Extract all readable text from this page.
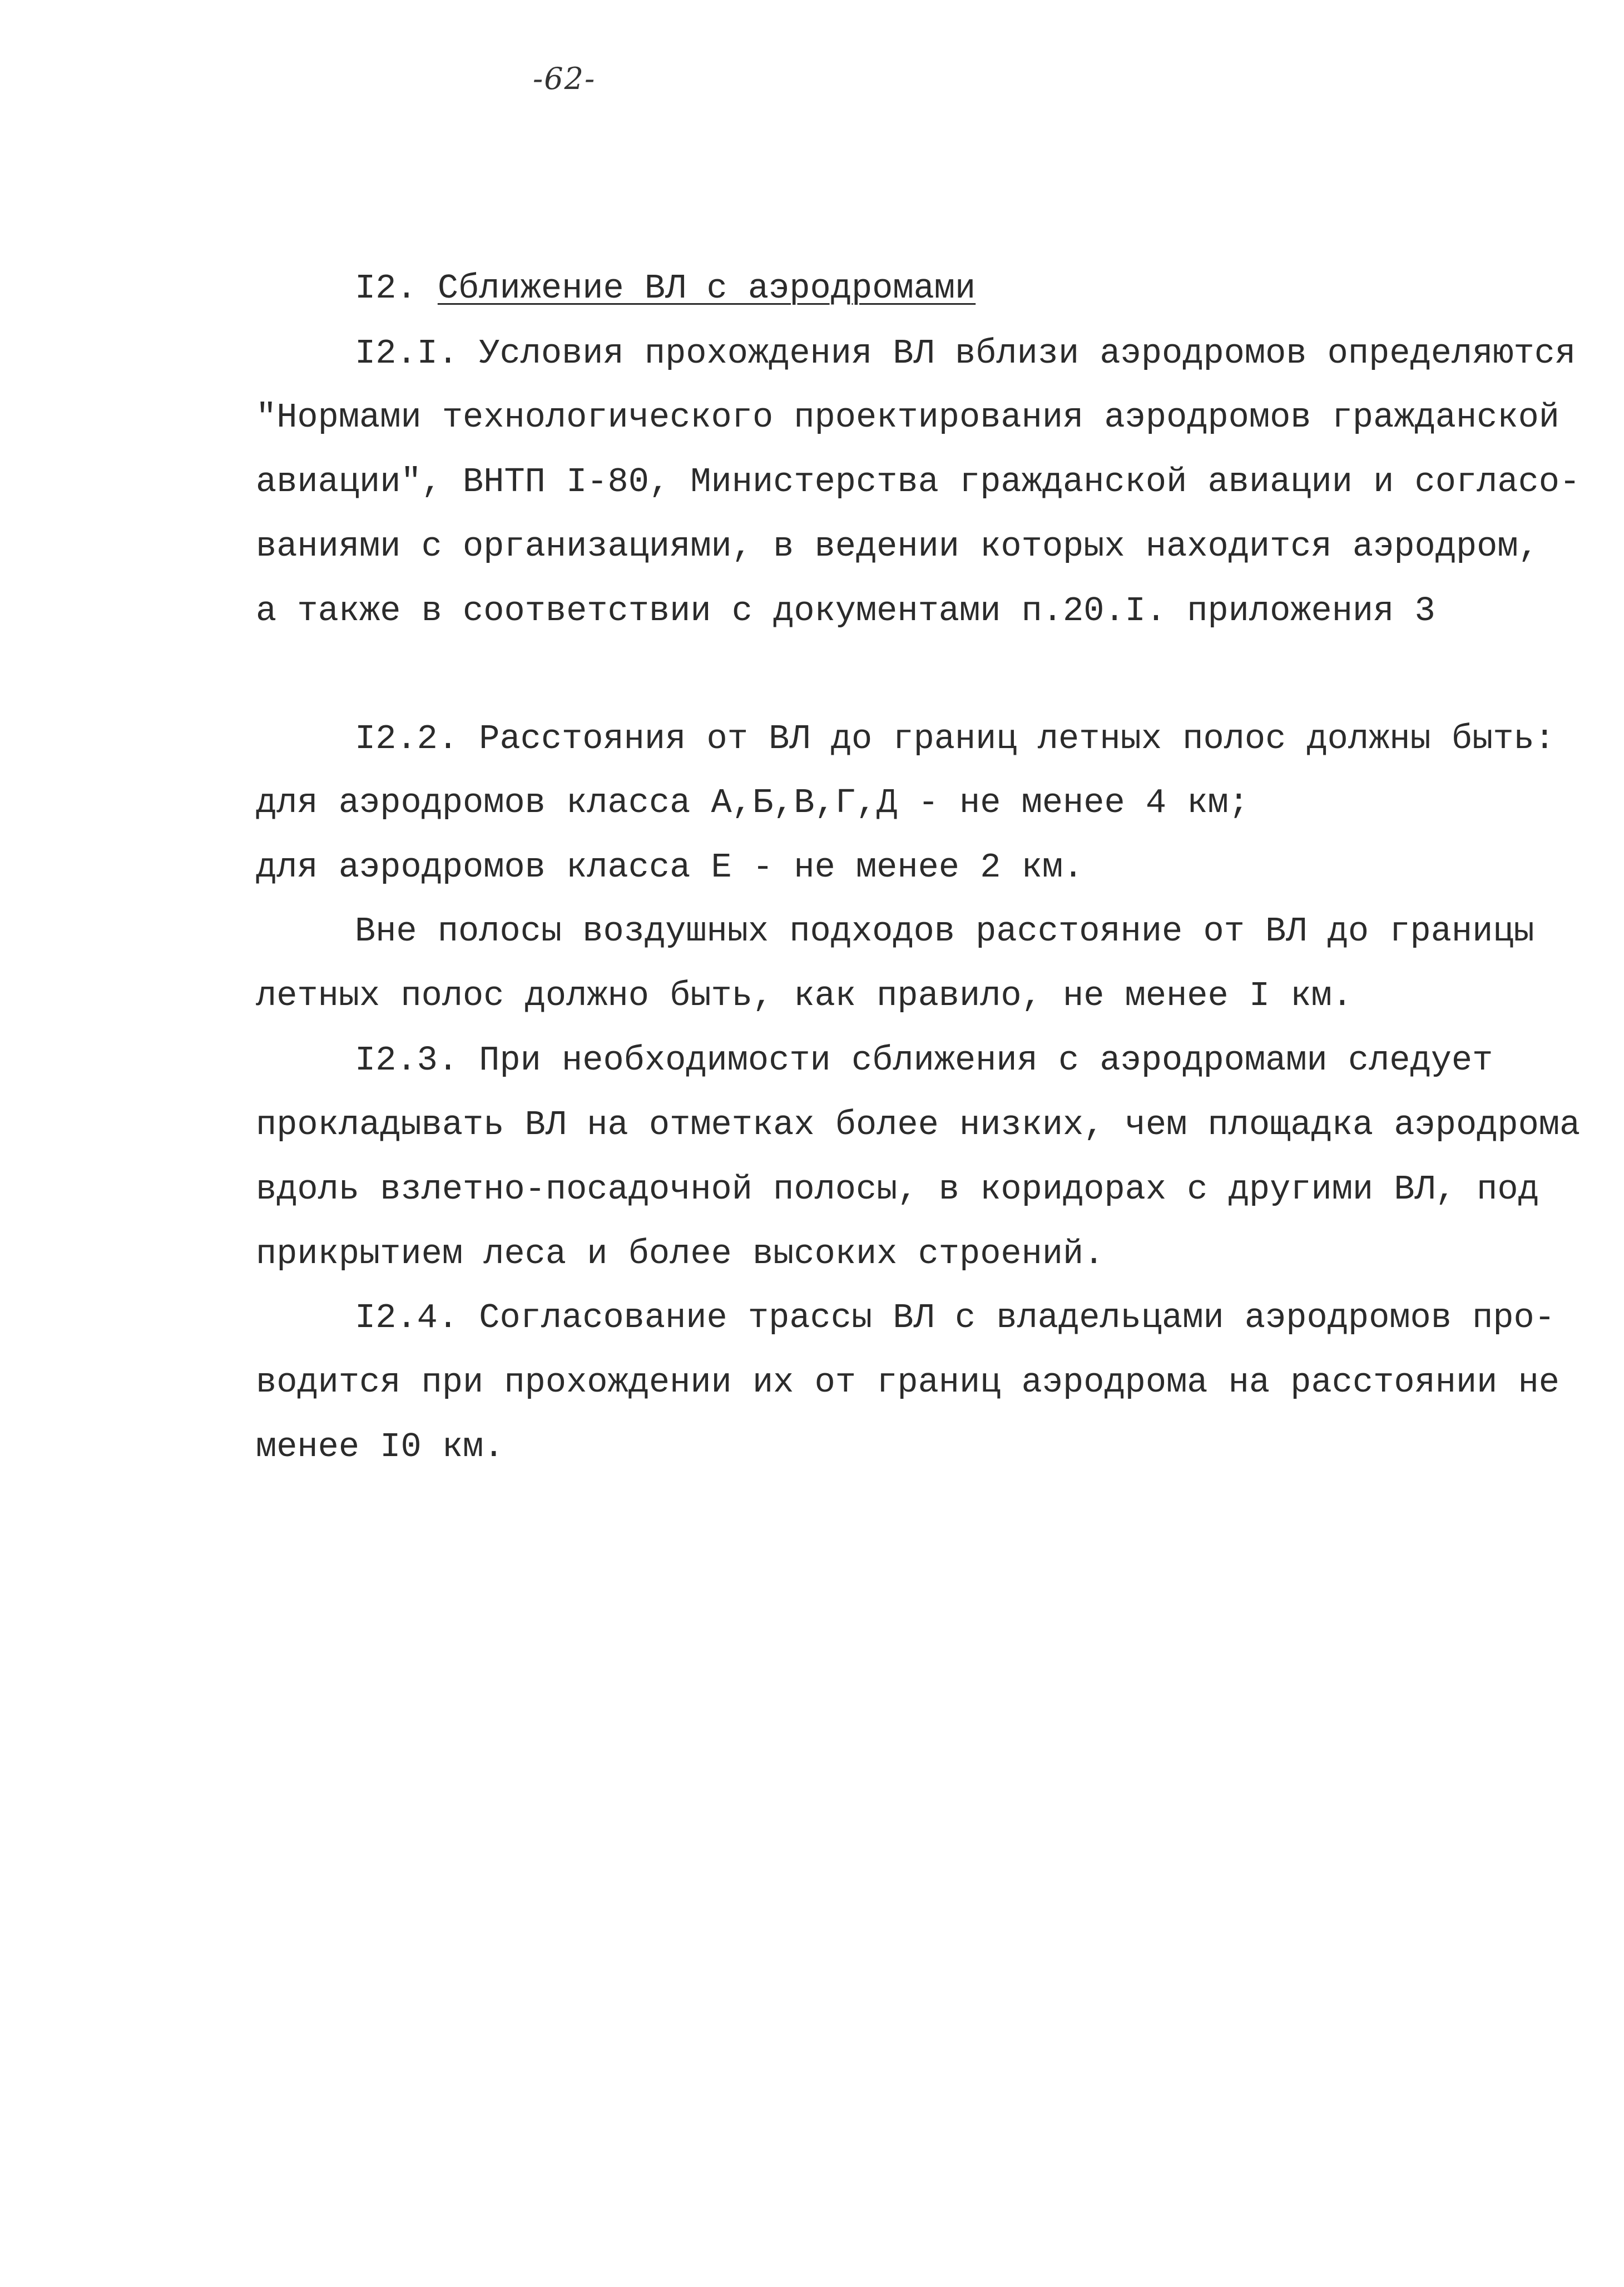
-62-
I2. Сближение ВЛ с аэродромами
I2.I. Условия прохождения ВЛ вблизи аэродромов определяются
"Нормами технологического проектирования аэродромов гражданской
авиации", ВНТП I-80, Министерства гражданской авиации и согласо-
ваниями с организациями, в ведении которых находится аэродром,
а также в соответствии с документами п.20.I. приложения 3
I2.2. Расстояния от ВЛ до границ летных полос должны быть:
для аэродромов класса А,Б,В,Г,Д - не менее 4 км;
для аэродромов класса Е - не менее 2 км.
Вне полосы воздушных подходов расстояние от ВЛ до границы
летных полос должно быть, как правило, не менее I км.
I2.3. При необходимости сближения с аэродромами следует
прокладывать ВЛ на отметках более низких, чем площадка аэродрома
вдоль взлетно-посадочной полосы, в коридорах с другими ВЛ, под
прикрытием леса и более высоких строений.
I2.4. Согласование трассы ВЛ с владельцами аэродромов про-
водится при прохождении их от границ аэродрома на расстоянии не
менее I0 км.
